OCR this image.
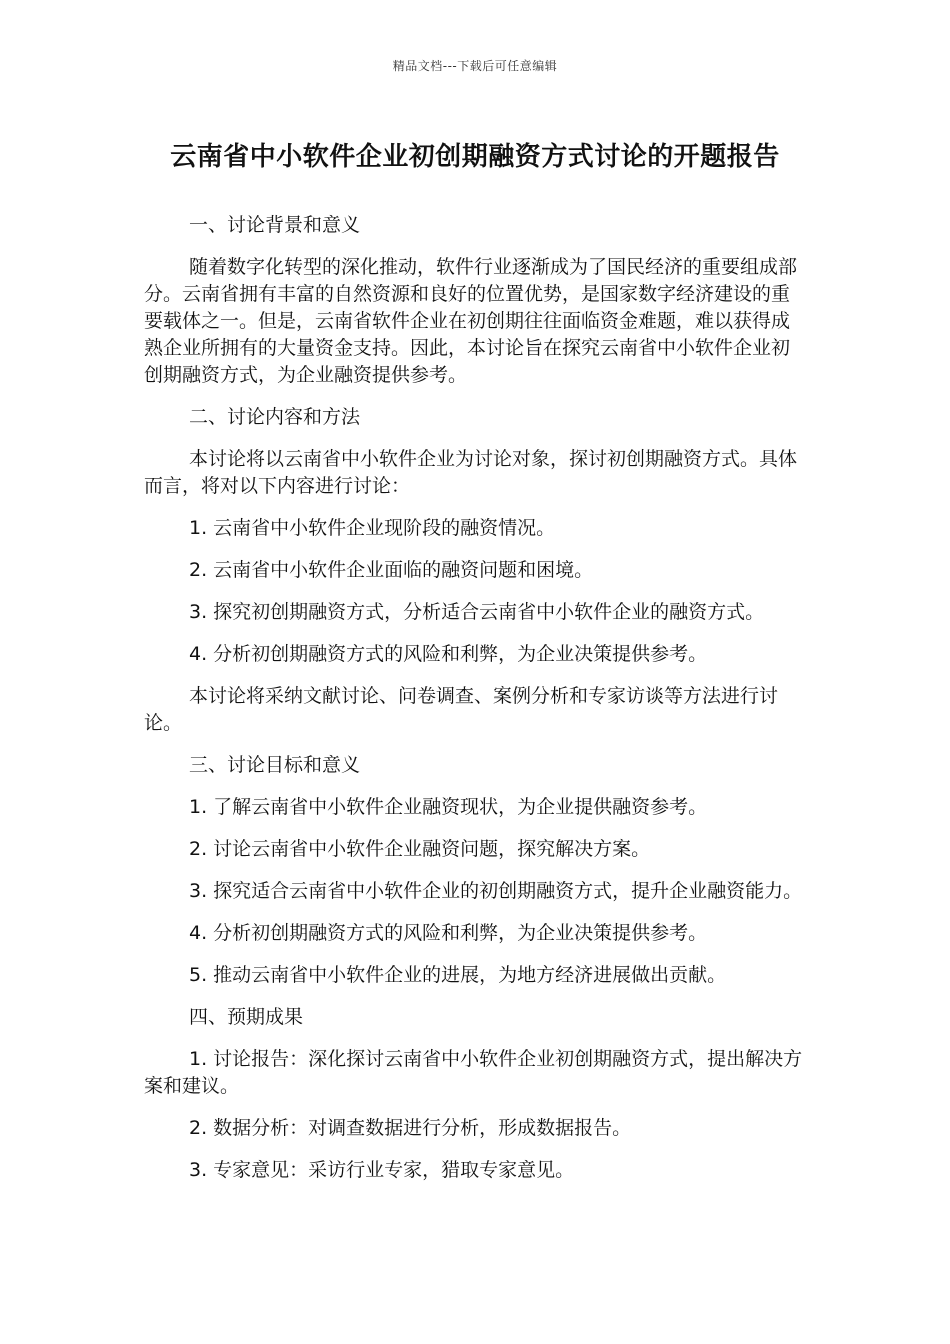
精品文档---下载后可任意编辑
云南省中小软件企业初创期融资方式讨论的开题报告

一、讨论背景和意义

随着数字化转型的深化推动，软件行业逐渐成为了国民经济的重要组成部分。云南省拥有丰富的自然资源和良好的位置优势，是国家数字经济建设的重要载体之一。但是，云南省软件企业在初创期往往面临资金难题，难以获得成熟企业所拥有的大量资金支持。因此，本讨论旨在探究云南省中小软件企业初创期融资方式，为企业融资提供参考。

二、讨论内容和方法

本讨论将以云南省中小软件企业为讨论对象，探讨初创期融资方式。具体而言，将对以下内容进行讨论：

1. 云南省中小软件企业现阶段的融资情况。

2. 云南省中小软件企业面临的融资问题和困境。

3. 探究初创期融资方式，分析适合云南省中小软件企业的融资方式。

4. 分析初创期融资方式的风险和利弊，为企业决策提供参考。

本讨论将采纳文献讨论、问卷调查、案例分析和专家访谈等方法进行讨论。

三、讨论目标和意义

1. 了解云南省中小软件企业融资现状，为企业提供融资参考。

2. 讨论云南省中小软件企业融资问题，探究解决方案。

3. 探究适合云南省中小软件企业的初创期融资方式，提升企业融资能力。

4. 分析初创期融资方式的风险和利弊，为企业决策提供参考。

5. 推动云南省中小软件企业的进展，为地方经济进展做出贡献。

四、预期成果

1. 讨论报告：深化探讨云南省中小软件企业初创期融资方式，提出解决方案和建议。

2. 数据分析：对调查数据进行分析，形成数据报告。

3. 专家意见：采访行业专家，猎取专家意见。
